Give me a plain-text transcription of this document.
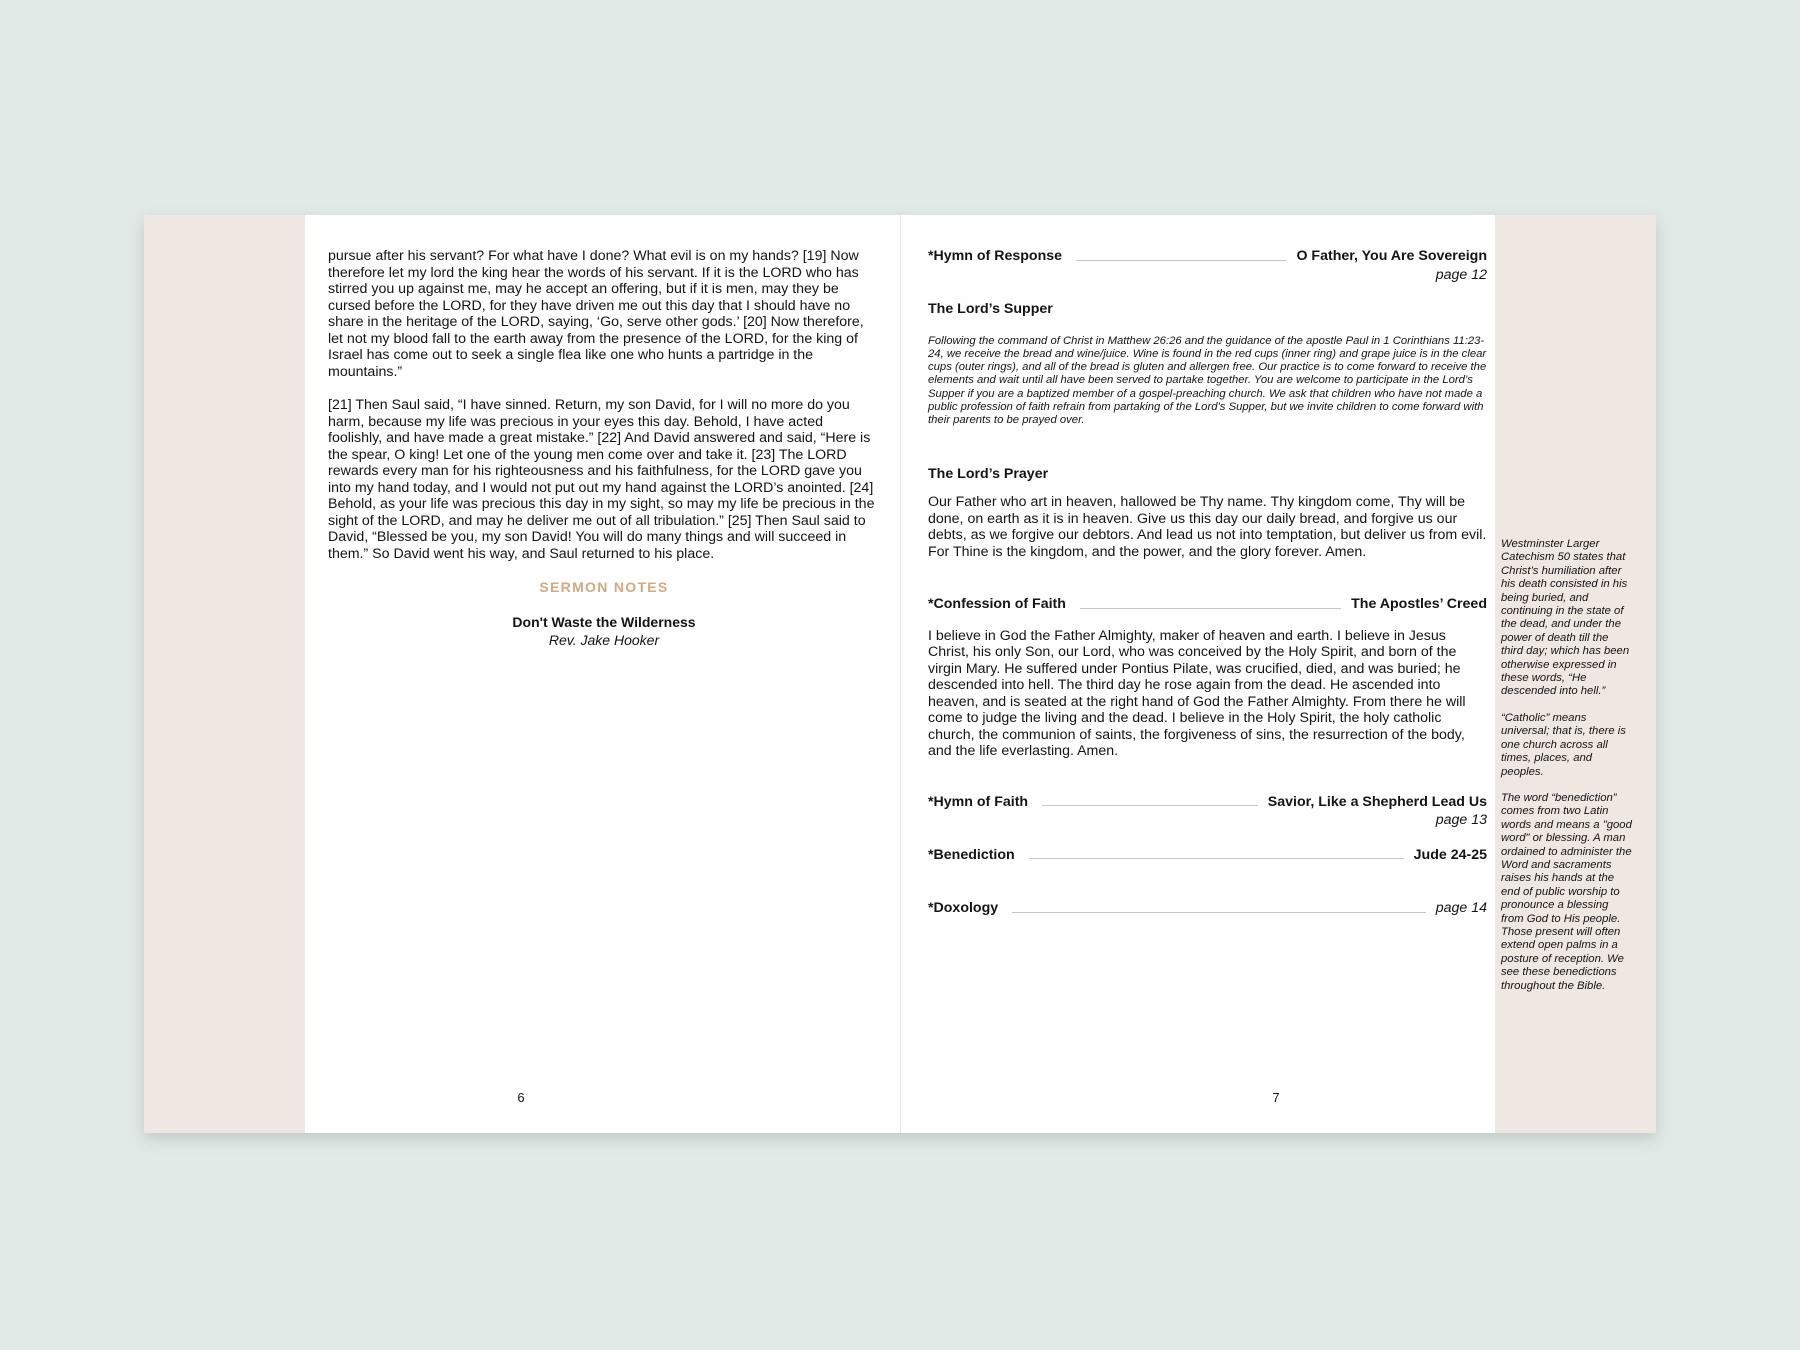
pursue after his servant? For what have I done? What evil is on my hands? [19] Now therefore let my lord the king hear the words of his servant. If it is the LORD who has stirred you up against me, may he accept an offering, but if it is men, may they be cursed before the LORD, for they have driven me out this day that I should have no share in the heritage of the LORD, saying, ‘Go, serve other gods.’ [20] Now therefore, let not my blood fall to the earth away from the presence of the LORD, for the king of Israel has come out to seek a single flea like one who hunts a partridge in the mountains.”

[21] Then Saul said, “I have sinned. Return, my son David, for I will no more do you harm, because my life was precious in your eyes this day. Behold, I have acted foolishly, and have made a great mistake.” [22] And David answered and said, “Here is the spear, O king! Let one of the young men come over and take it. [23] The LORD rewards every man for his righteousness and his faithfulness, for the LORD gave you into my hand today, and I would not put out my hand against the LORD’s anointed. [24] Behold, as your life was precious this day in my sight, so may my life be precious in the sight of the LORD, and may he deliver me out of all tribulation.” [25] Then Saul said to David, “Blessed be you, my son David! You will do many things and will succeed in them.” So David went his way, and Saul returned to his place.

SERMON NOTES
Don't Waste the Wilderness
Rev. Jake Hooker
6
*Hymn of Response	O Father, You Are Sovereign
page 12
The Lord’s Supper

Following the command of Christ in Matthew 26:26 and the guidance of the apostle Paul in 1 Corinthians 11:23-24, we receive the bread and wine/juice. Wine is found in the red cups (inner ring) and grape juice is in the clear cups (outer rings), and all of the bread is gluten and allergen free. Our practice is to come forward to receive the elements and wait until all have been served to partake together. You are welcome to participate in the Lord’s Supper if you are a baptized member of a gospel-preaching church. We ask that children who have not made a public profession of faith refrain from partaking of the Lord’s Supper, but we invite children to come forward with their parents to be prayed over.

The Lord’s Prayer

Our Father who art in heaven, hallowed be Thy name. Thy kingdom come, Thy will be done, on earth as it is in heaven. Give us this day our daily bread, and forgive us our debts, as we forgive our debtors. And lead us not into temptation, but deliver us from evil. For Thine is the kingdom, and the power, and the glory forever. Amen.

*Confession of Faith	The Apostles’ Creed

I believe in God the Father Almighty, maker of heaven and earth. I believe in Jesus Christ, his only Son, our Lord, who was conceived by the Holy Spirit, and born of the virgin Mary. He suffered under Pontius Pilate, was crucified, died, and was buried; he descended into hell. The third day he rose again from the dead. He ascended into heaven, and is seated at the right hand of God the Father Almighty. From there he will come to judge the living and the dead. I believe in the Holy Spirit, the holy catholic church, the communion of saints, the forgiveness of sins, the resurrection of the body, and the life everlasting. Amen.

*Hymn of Faith	Savior, Like a Shepherd Lead Us
page 13
*Benediction	Jude 24-25
*Doxology	page 14
7

Westminster Larger Catechism 50 states that Christ’s humiliation after his death consisted in his being buried, and continuing in the state of the dead, and under the power of death till the third day; which has been otherwise expressed in these words, “He descended into hell.”

“Catholic” means universal; that is, there is one church across all times, places, and peoples.

The word “benediction” comes from two Latin words and means a "good word" or blessing. A man ordained to administer the Word and sacraments raises his hands at the end of public worship to pronounce a blessing from God to His people. Those present will often extend open palms in a posture of reception. We see these benedictions throughout the Bible.
